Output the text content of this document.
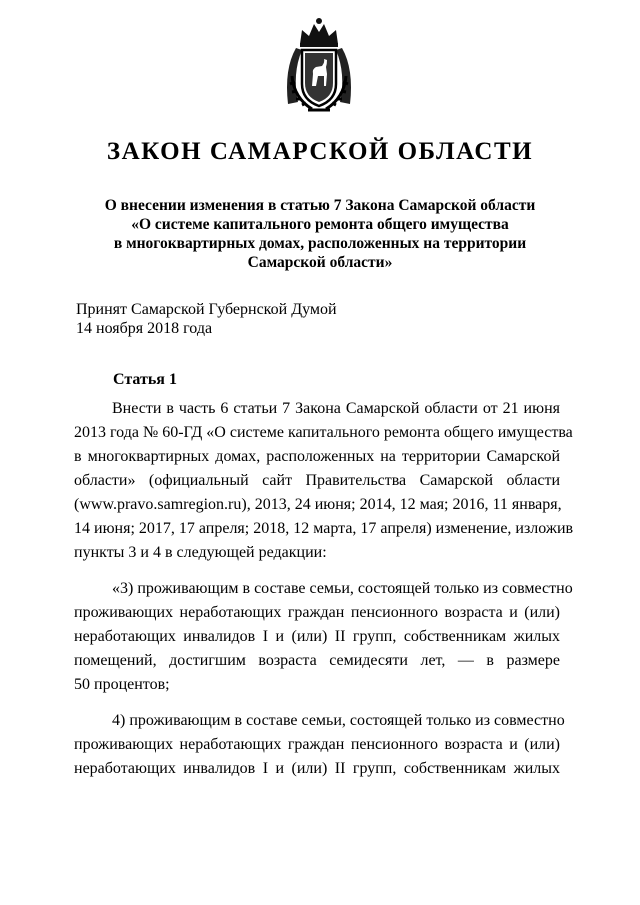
ЗАКОН САМАРСКОЙ ОБЛАСТИ
О внесении изменения в статью 7 Закона Самарской области
«О системе капитального ремонта общего имущества
в многоквартирных домах, расположенных на территории
Самарской области»
Принят Самарской Губернской Думой
14 ноября 2018 года
Статья 1
Внести в часть 6 статьи 7 Закона Самарской области от 21 июня
2013 года № 60-ГД «О системе капитального ремонта общего имущества
в многоквартирных домах, расположенных на территории Самарской
области» (официальный сайт Правительства Самарской области
(www.pravo.samregion.ru), 2013, 24 июня; 2014, 12 мая; 2016, 11 января,
14 июня; 2017, 17 апреля; 2018, 12 марта, 17 апреля) изменение, изложив
пункты 3 и 4 в следующей редакции:
«3) проживающим в составе семьи, состоящей только из совместно
проживающих неработающих граждан пенсионного возраста и (или)
неработающих инвалидов I и (или) II групп, собственникам жилых
помещений, достигшим возраста семидесяти лет, — в размере
50 процентов;
4) проживающим в составе семьи, состоящей только из совместно
проживающих неработающих граждан пенсионного возраста и (или)
неработающих инвалидов I и (или) II групп, собственникам жилых
